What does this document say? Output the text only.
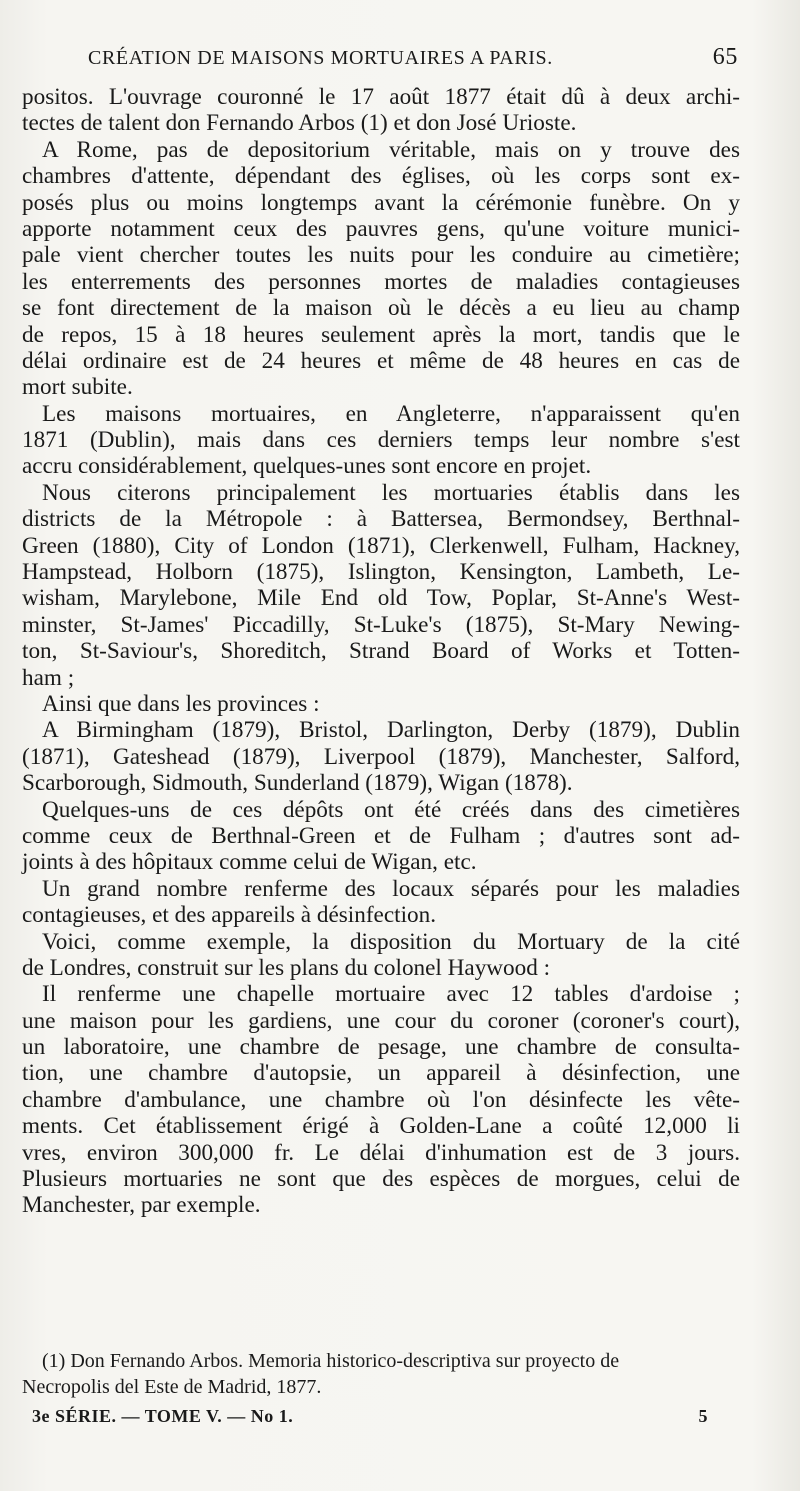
CRÉATION DE MAISONS MORTUAIRES A PARIS.	65
positos. L'ouvrage couronné le 17 août 1877 était dû à deux archi-
tectes de talent don Fernando Arbos (1) et don José Urioste.
A Rome, pas de depositorium véritable, mais on y trouve des
chambres d'attente, dépendant des églises, où les corps sont ex-
posés plus ou moins longtemps avant la cérémonie funèbre. On y
apporte notamment ceux des pauvres gens, qu'une voiture munici-
pale vient chercher toutes les nuits pour les conduire au cimetière;
les enterrements des personnes mortes de maladies contagieuses
se font directement de la maison où le décès a eu lieu au champ
de repos, 15 à 18 heures seulement après la mort, tandis que le
délai ordinaire est de 24 heures et même de 48 heures en cas de
mort subite.
Les maisons mortuaires, en Angleterre, n'apparaissent qu'en
1871 (Dublin), mais dans ces derniers temps leur nombre s'est
accru considérablement, quelques-unes sont encore en projet.
Nous citerons principalement les mortuaries établis dans les
districts de la Métropole : à Battersea, Bermondsey, Berthnal-
Green (1880), City of London (1871), Clerkenwell, Fulham, Hackney,
Hampstead, Holborn (1875), Islington, Kensington, Lambeth, Le-
wisham, Marylebone, Mile End old Tow, Poplar, St-Anne's West-
minster, St-James' Piccadilly, St-Luke's (1875), St-Mary Newing-
ton, St-Saviour's, Shoreditch, Strand Board of Works et Totten-
ham ;
Ainsi que dans les provinces :
A Birmingham (1879), Bristol, Darlington, Derby (1879), Dublin
(1871), Gateshead (1879), Liverpool (1879), Manchester, Salford,
Scarborough, Sidmouth, Sunderland (1879), Wigan (1878).
Quelques-uns de ces dépôts ont été créés dans des cimetières
comme ceux de Berthnal-Green et de Fulham ; d'autres sont ad-
joints à des hôpitaux comme celui de Wigan, etc.
Un grand nombre renferme des locaux séparés pour les maladies
contagieuses, et des appareils à désinfection.
Voici, comme exemple, la disposition du Mortuary de la cité
de Londres, construit sur les plans du colonel Haywood :
Il renferme une chapelle mortuaire avec 12 tables d'ardoise ;
une maison pour les gardiens, une cour du coroner (coroner's court),
un laboratoire, une chambre de pesage, une chambre de consulta-
tion, une chambre d'autopsie, un appareil à désinfection, une
chambre d'ambulance, une chambre où l'on désinfecte les vête-
ments. Cet établissement érigé à Golden-Lane a coûté 12,000 li
vres, environ 300,000 fr. Le délai d'inhumation est de 3 jours.
Plusieurs mortuaries ne sont que des espèces de morgues, celui de
Manchester, par exemple.
(1) Don Fernando Arbos. Memoria historico-descriptiva sur proyecto de
Necropolis del Este de Madrid, 1877.
3e SÉRIE. — TOME V. — No 1.	5
